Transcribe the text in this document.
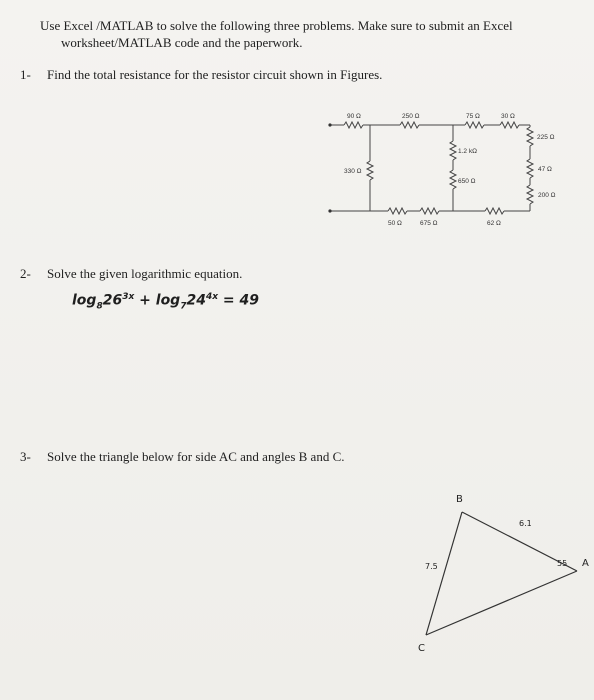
Use Excel /MATLAB to solve the following three problems. Make sure to submit an Excel
worksheet/MATLAB code and the paperwork.
1- Find the total resistance for the resistor circuit shown in Figures.
90 Ω	250 Ω	75 Ω	30 Ω
225 Ω
1.2 kΩ
47 Ω
330 Ω
650 Ω
200 Ω
50 Ω	675 Ω	62 Ω
2- Solve the given logarithmic equation.
$\log_826^{3x} + \log_724^{4x} = 49$
3- Solve the triangle below for side AC and angles B and C.
B
A
C
7.5
6.1
55
